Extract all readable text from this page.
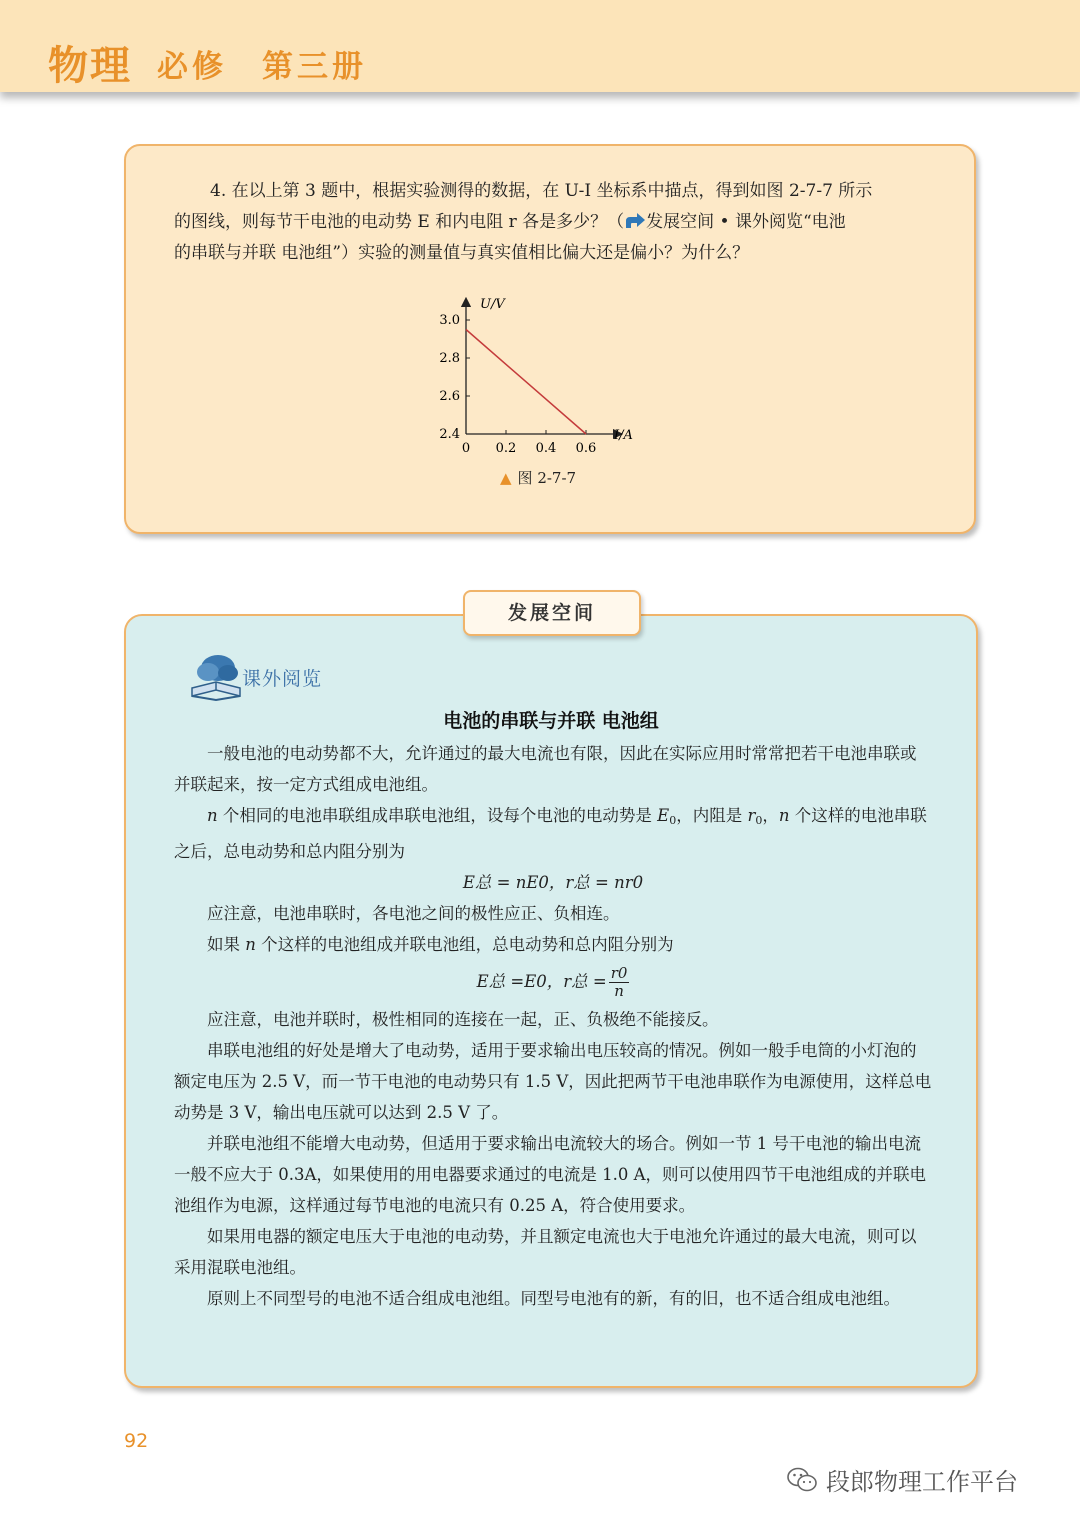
物理 必修 第三册
4. 在以上第 3 题中，根据实验测得的数据，在 U-I 坐标系中描点，得到如图 2-7-7 所示
的图线，则每节干电池的电动势 E 和内电阻 r 各是多少？（ 发展空间 • 课外阅览“电池
的串联与并联 电池组”）实验的测量值与真实值相比偏大还是偏小？为什么？
0 0.2 0.4 0.6
3.0
2.8
2.6
2.4
U/V
I/A
▲ 图 2-7-7
发展空间
课外阅览
电池的串联与并联 电池组

一般电池的电动势都不大，允许通过的最大电流也有限，因此在实际应用时常常把若干电池串联或并联起来，按一定方式组成电池组。

n 个相同的电池串联组成串联电池组，设每个电池的电动势是 $E_0$，内阻是 $r_0$，n 个这样的电池串联之后，总电动势和总内阻分别为

E总 = nE0，r总 = nr0

应注意，电池串联时，各电池之间的极性应正、负相连。

如果 n 个这样的电池组成并联电池组，总电动势和总内阻分别为

E总 =E0，r总 = $\frac{r0}{n}$

应注意，电池并联时，极性相同的连接在一起，正、负极绝不能接反。

串联电池组的好处是增大了电动势，适用于要求输出电压较高的情况。例如一般手电筒的小灯泡的额定电压为 2.5 V，而一节干电池的电动势只有 1.5 V，因此把两节干电池串联作为电源使用，这样总电动势是 3 V，输出电压就可以达到 2.5 V 了。

并联电池组不能增大电动势，但适用于要求输出电流较大的场合。例如一节 1 号干电池的输出电流一般不应大于 0.3A，如果使用的用电器要求通过的电流是 1.0 A，则可以使用四节干电池组成的并联电池组作为电源，这样通过每节电池的电流只有 0.25 A，符合使用要求。

如果用电器的额定电压大于电池的电动势，并且额定电流也大于电池允许通过的最大电流，则可以采用混联电池组。

原则上不同型号的电池不适合组成电池组。同型号电池有的新，有的旧，也不适合组成电池组。

92
段郎物理工作平台
